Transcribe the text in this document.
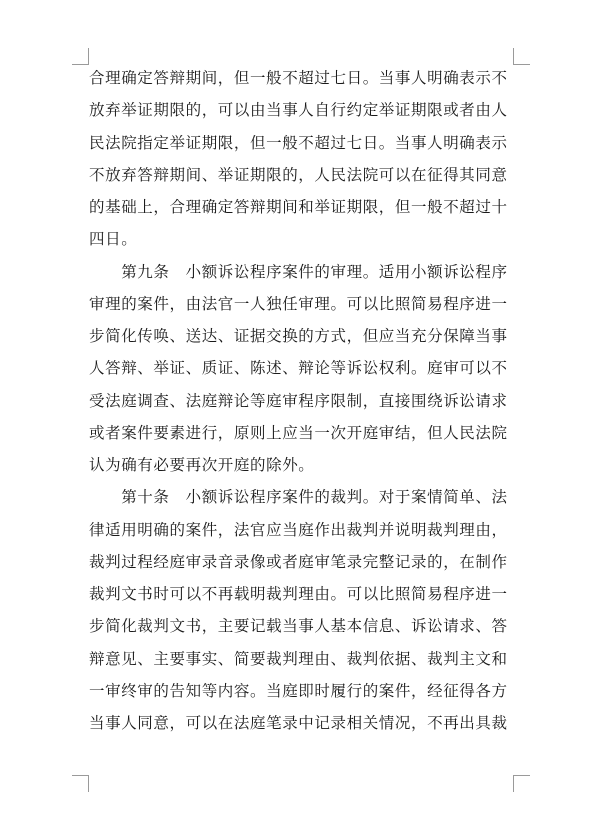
合理确定答辩期间，但一般不超过七日。当事人明确表示不
放弃举证期限的，可以由当事人自行约定举证期限或者由人
民法院指定举证期限，但一般不超过七日。当事人明确表示
不放弃答辩期间、举证期限的，人民法院可以在征得其同意
的基础上，合理确定答辩期间和举证期限，但一般不超过十
四日。
　　第九条　小额诉讼程序案件的审理。适用小额诉讼程序
审理的案件，由法官一人独任审理。可以比照简易程序进一
步简化传唤、送达、证据交换的方式，但应当充分保障当事
人答辩、举证、质证、陈述、辩论等诉讼权利。庭审可以不
受法庭调查、法庭辩论等庭审程序限制，直接围绕诉讼请求
或者案件要素进行，原则上应当一次开庭审结，但人民法院
认为确有必要再次开庭的除外。
　　第十条　小额诉讼程序案件的裁判。对于案情简单、法
律适用明确的案件，法官应当庭作出裁判并说明裁判理由，
裁判过程经庭审录音录像或者庭审笔录完整记录的，在制作
裁判文书时可以不再载明裁判理由。可以比照简易程序进一
步简化裁判文书，主要记载当事人基本信息、诉讼请求、答
辩意见、主要事实、简要裁判理由、裁判依据、裁判主文和
一审终审的告知等内容。当庭即时履行的案件，经征得各方
当事人同意，可以在法庭笔录中记录相关情况，不再出具裁
